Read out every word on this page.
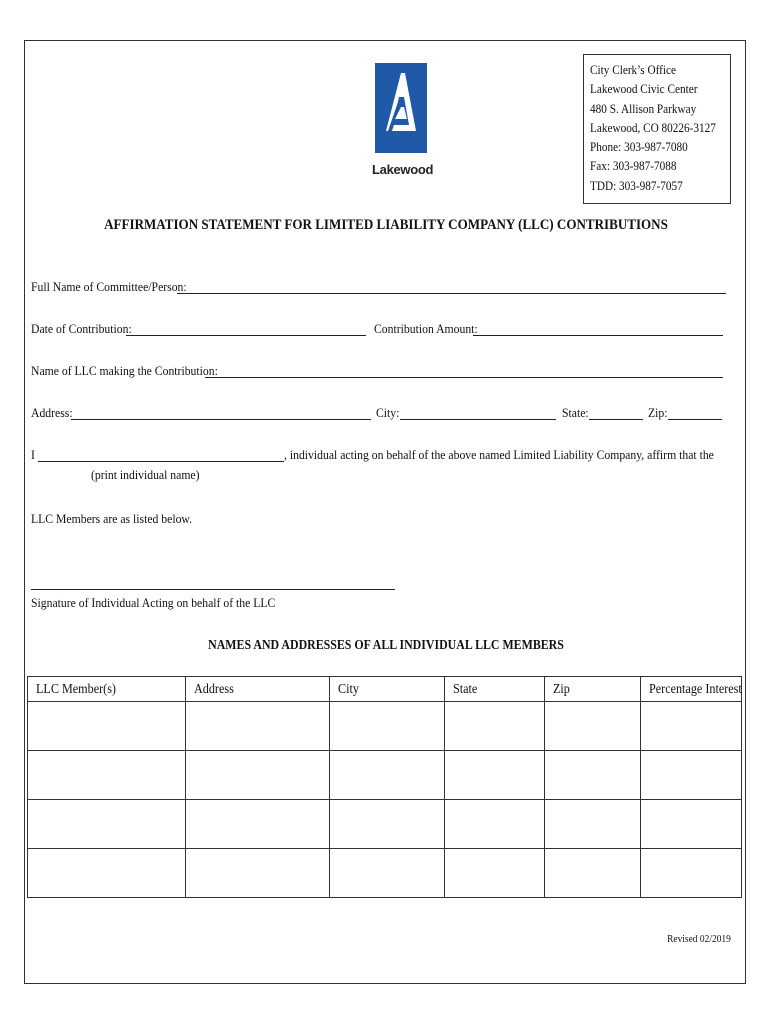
Lakewood
City Clerk’s Office
Lakewood Civic Center
480 S. Allison Parkway
Lakewood, CO 80226-3127
Phone: 303-987-7080
Fax: 303-987-7088
TDD: 303-987-7057
AFFIRMATION STATEMENT FOR LIMITED LIABILITY COMPANY (LLC) CONTRIBUTIONS
Full Name of Committee/Person:
Date of Contribution:	Contribution Amount:
Name of LLC making the Contribution:
Address:	City:	State:	Zip:
I	, individual acting on behalf of the above named Limited Liability Company, affirm that the
(print individual name)
LLC Members are as listed below.
Signature of Individual Acting on behalf of the LLC
NAMES AND ADDRESSES OF ALL INDIVIDUAL LLC MEMBERS
LLC Member(s)	Address	City	State	Zip	Percentage Interest

Revised 02/2019
